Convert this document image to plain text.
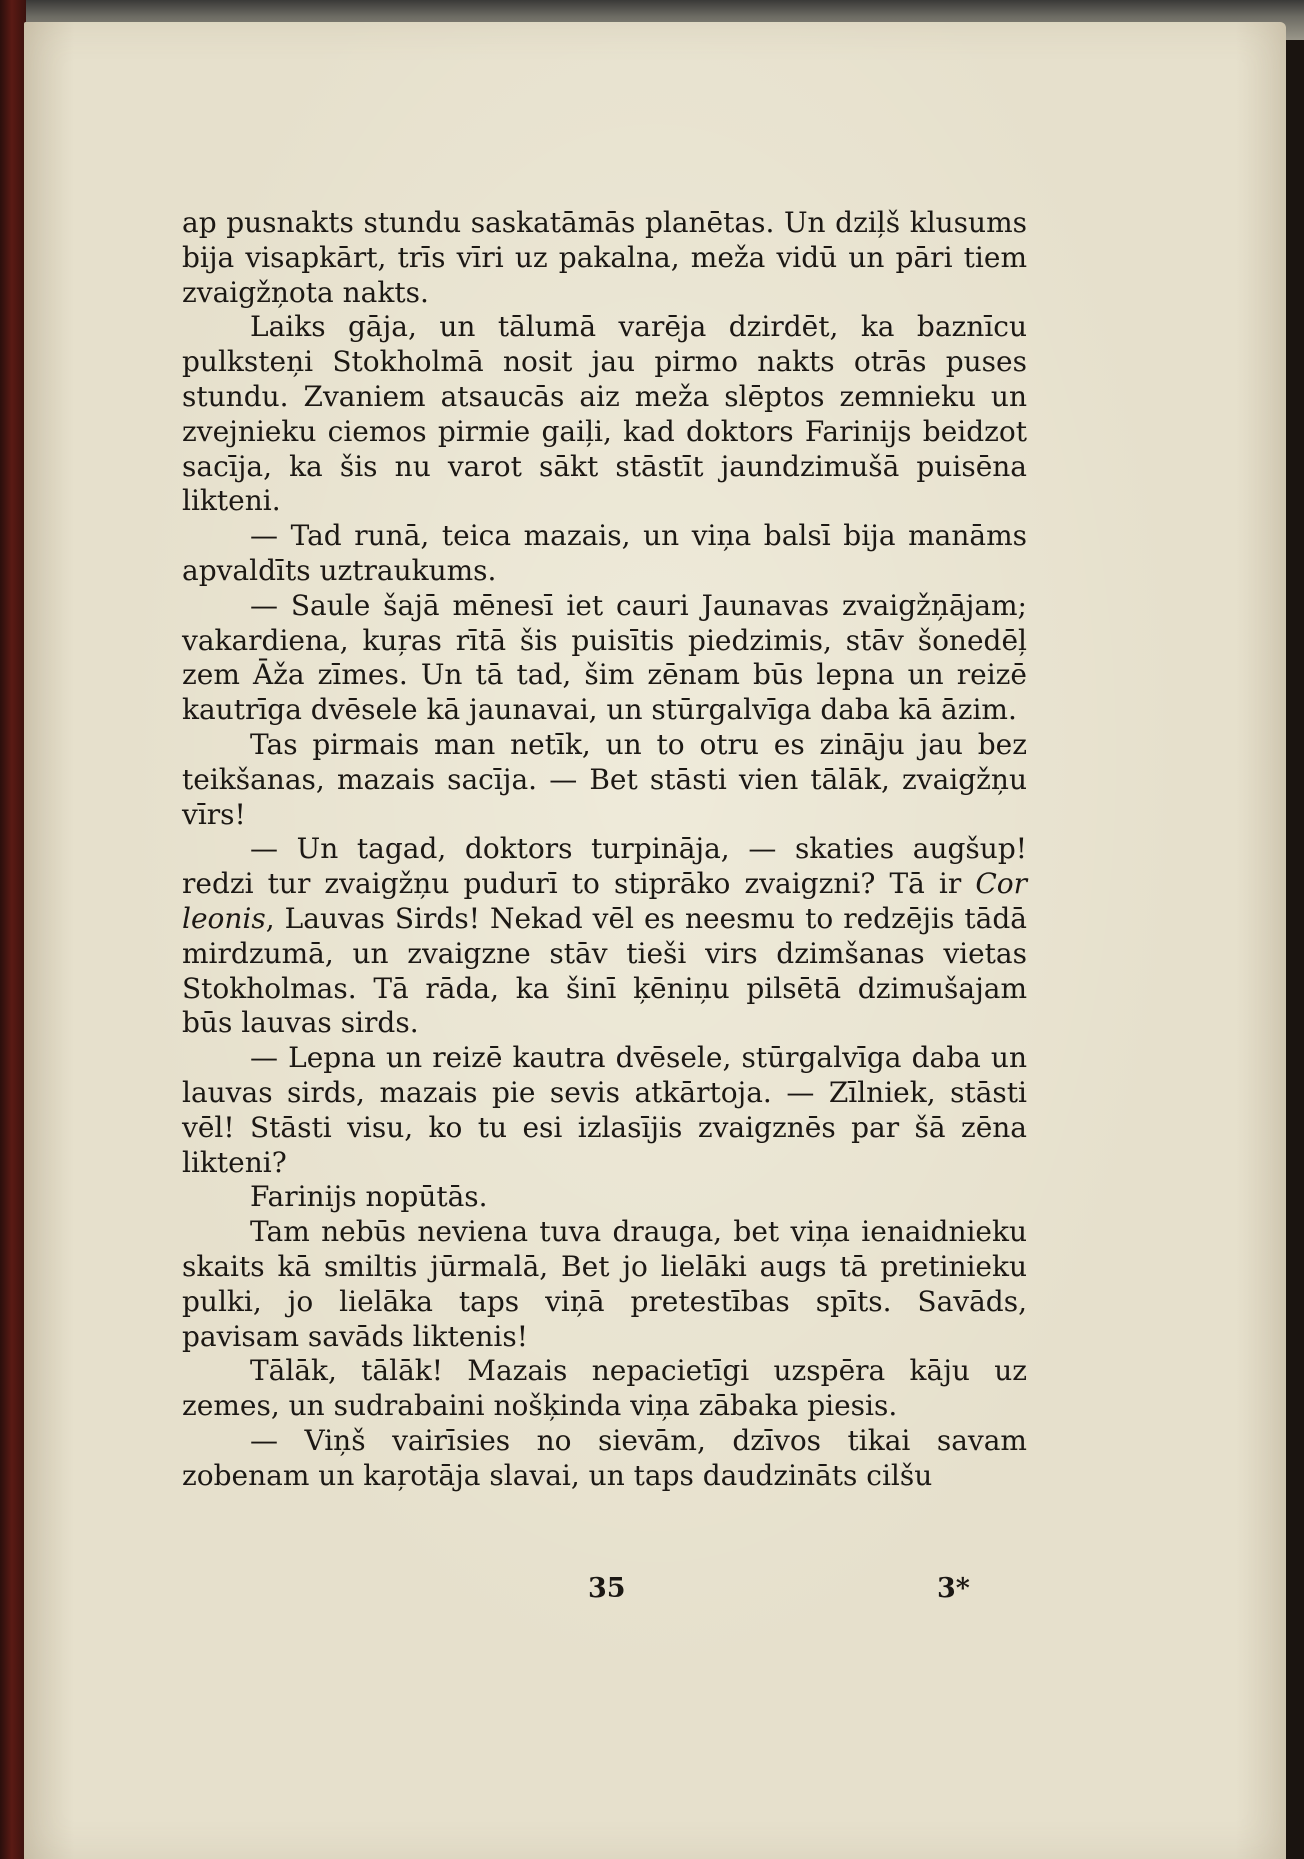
ap pusnakts stundu saskatāmās planētas. Un dziļš klusums bija visapkārt, trīs vīri uz pakalna, meža vidū un pāri tiem zvaigžņota nakts.

Laiks gāja, un tālumā varēja dzirdēt, ka baznīcu pulksteņi Stokholmā nosit jau pirmo nakts otrās puses stundu. Zvaniem atsaucās aiz meža slēptos zemnieku un zvejnieku ciemos pirmie gaiļi, kad doktors Farinijs beidzot sacīja, ka šis nu varot sākt stāstīt jaundzimušā puisēna likteni.

— Tad runā, teica mazais, un viņa balsī bija manāms apvaldīts uztraukums.

— Saule šajā mēnesī iet cauri Jaunavas zvaigžņājam; vakardiena, kuŗas rītā šis puisītis piedzimis, stāv šonedēļ zem Āža zīmes. Un tā tad, šim zēnam būs lepna un reizē kautrīga dvēsele kā jaunavai, un stūrgalvīga daba kā āzim.

Tas pirmais man netīk, un to otru es zināju jau bez teikšanas, mazais sacīja. — Bet stāsti vien tālāk, zvaigžņu vīrs!

— Un tagad, doktors turpināja, — skaties augšup! redzi tur zvaigžņu pudurī to stiprāko zvaigzni? Tā ir Cor leonis, Lauvas Sirds! Nekad vēl es neesmu to redzējis tādā mirdzumā, un zvaigzne stāv tieši virs dzimšanas vietas Stokholmas. Tā rāda, ka šinī ķēniņu pilsētā dzimušajam būs lauvas sirds.

— Lepna un reizē kautra dvēsele, stūrgalvīga daba un lauvas sirds, mazais pie sevis atkārtoja. — Zīlniek, stāsti vēl! Stāsti visu, ko tu esi izlasījis zvaigznēs par šā zēna likteni?

Farinijs nopūtās.

Tam nebūs neviena tuva drauga, bet viņa ienaidnieku skaits kā smiltis jūrmalā, Bet jo lielāki augs tā pretinieku pulki, jo lielāka taps viņā pretestības spīts. Savāds, pavisam savāds liktenis!

Tālāk, tālāk! Mazais nepacietīgi uzspēra kāju uz zemes, un sudrabaini nošķinda viņa zābaka piesis.

— Viņš vairīsies no sievām, dzīvos tikai savam zobenam un kaŗotāja slavai, un taps daudzināts cilšu

35	3*
